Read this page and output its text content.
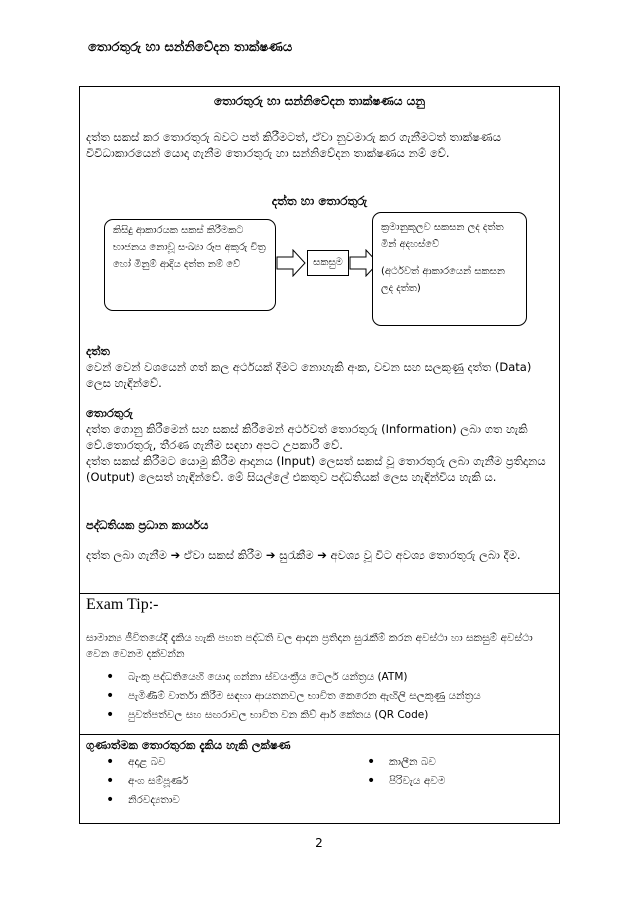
තොරතුරු හා සන්නිවේදන තාක්ෂණය
තොරතුරු හා සන්නිවේදන තාක්ෂණය යනු
දත්ත සකස් කර තොරතුරු බවට පත් කිරීමටත්, ඒවා නුවමාරු කර ගැනීමටත් තාක්ෂණය විවිධාකාරයෙන් යොදා ගැනීම තොරතුරු හා සන්නිවේදන තාක්ෂණය නම් වේ.
දත්ත හා තොරතුරු
කිසිදු ආකාරයක සකස් කිරීමකට භාජනය නොවූ සංඛ්‍යා රූප අකුරු චිත්‍ර හෝ මිනුම් ආදිය දත්ත නම් වේ	සකසුම
ක්‍රමානුකූලව සකසන ලද දත්ත මින් අදහස්වේ
(අර්ථවත් ආකාරයෙන් සකසන ලද දත්ත)
දත්ත
වෙන් වෙන් වශයෙන් ගත් කල අර්ථයක් දීමට නොහැකි අංක, වචන සහ සලකුණු දත්ත (Data) ලෙස හැඳින්වේ.
තොරතුරු
දත්ත ගොනු කිරීමෙන් සහ සකස් කිරීමෙන් අර්ථවත් තොරතුරු (Information) ලබා ගත හැකි වේ.තොරතුරු, තීරණ ගැනීම සඳහා අපට උපකාරී වේ.
දත්ත සකස් කිරීමට යොමු කිරීම ආදානය (Input) ලෙසත් සකස් වූ තොරතුරු ලබා ගැනීම ප්‍රතිදානය (Output) ලෙසත් හැඳින්වේ. මේ සියල්ලේ එකතුව පද්ධතියක් ලෙස හැඳින්විය හැකි ය.
පද්ධතියක ප්‍රධාන කාර්යය
දත්ත ලබා ගැනීම ➔ ඒවා සකස් කිරීම ➔ සුරැකීම ➔ අවශ්‍ය වූ විට අවශ්‍ය තොරතුරු ලබා දීම.
Exam Tip:-
සාමාන්‍ය ජීවිතයේදී දැකිය හැකි පහත පද්ධති වල ආදාන ප්‍රතිදාන සුරැකීම් කරන අවස්ථා හා සකසුම් අවස්ථා වෙන වෙනම දක්වන්න
• බැංකු පද්ධතියෙහි යොදා ගන්නා ස්වයංක්‍රීය ටෙලර් යන්ත්‍රය (ATM)
• පැමිණීම් වාර්තා කිරීම සඳහා ආයතනවල භාවිත කෙරෙන ඇඟිලි සලකුණු යන්ත්‍රය
• පුවත්පත්වල සහ සඟරාවල භාවිත වන කිව් ආර් කේතය (QR Code)
ගුණාත්මක තොරතුරක දැකිය හැකි ලක්ෂණ
• අදාළ බව
• අංග සම්පූර්ණ
• නිරවද්‍යතාව
• කාලීන බව
• පිරිවැය අවම
2
